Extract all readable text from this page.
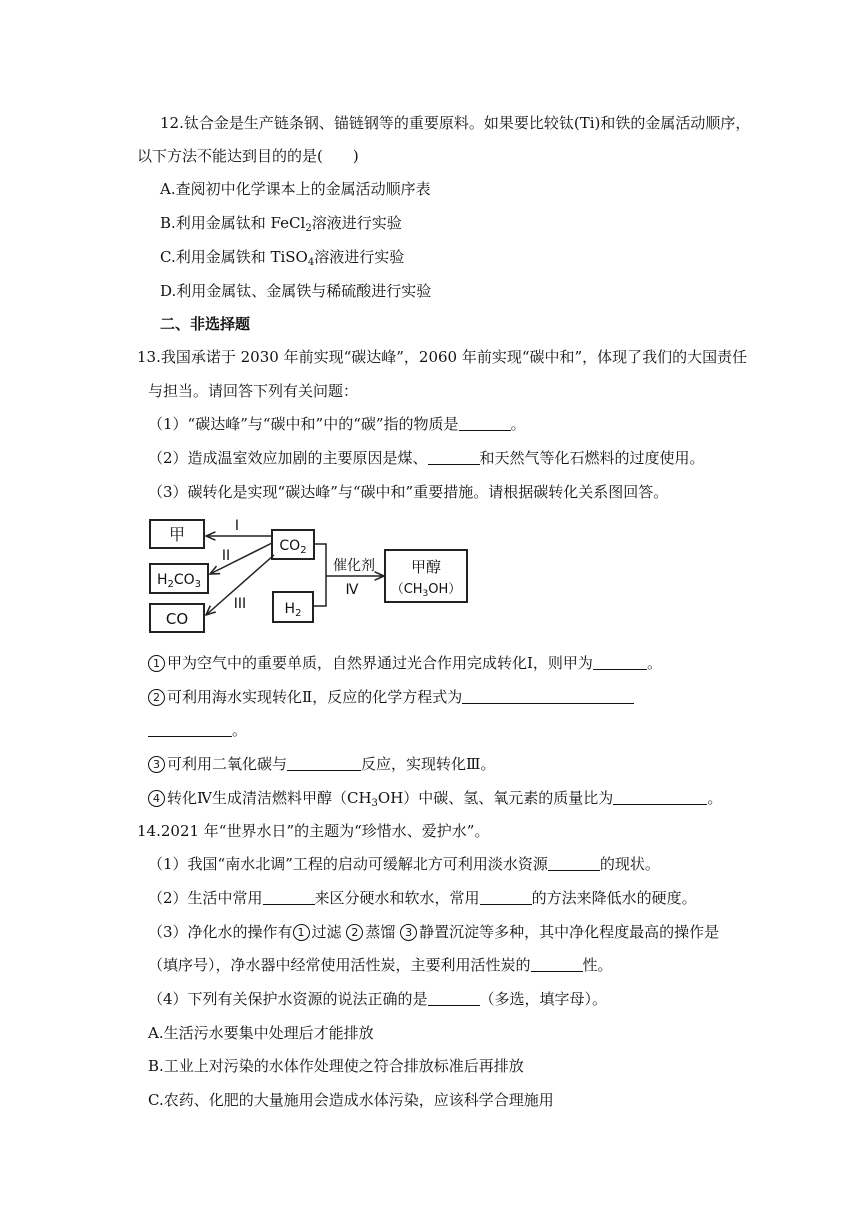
12.钛合金是生产链条钢、锚链钢等的重要原料。如果要比较钛(Ti)和铁的金属活动顺序，
以下方法不能达到目的的是(　　)
A.查阅初中化学课本上的金属活动顺序表
B.利用金属钛和 FeCl$_2$溶液进行实验
C.利用金属铁和 TiSO$_4$溶液进行实验
D.利用金属钛、金属铁与稀硫酸进行实验
二、非选择题
13.我国承诺于 2030 年前实现“碳达峰”，2060 年前实现“碳中和”，体现了我们的大国责任
与担当。请回答下列有关问题：
（1）“碳达峰”与“碳中和”中的“碳”指的物质是	。
（2）造成温室效应加剧的主要原因是煤、	和天然气等化石燃料的过度使用。
（3）碳转化是实现“碳达峰”与“碳中和”重要措施。请根据碳转化关系图回答。
甲
$H_2CO_3$
CO
$CO_2$
$H_2$
甲醇
$(CH_3OH)$
I
II
III
催化剂
Ⅳ
1 甲为空气中的重要单质，自然界通过光合作用完成转化Ⅰ，则甲为	。
2 可利用海水实现转化Ⅱ，反应的化学方程式为
。
3 可利用二氧化碳与	反应，实现转化Ⅲ。
4 转化Ⅳ生成清洁燃料甲醇$(CH_3OH)$中碳、氢、氧元素的质量比为	。
14.2021 年“世界水日”的主题为“珍惜水、爱护水”。
（1）我国“南水北调”工程的启动可缓解北方可利用淡水资源	的现状。
（2）生活中常用	来区分硬水和软水，常用	的方法来降低水的硬度。
（3）净化水的操作有 1 过滤 2 蒸馏 3 静置沉淀等多种，其中净化程度最高的操作是
（填序号），净水器中经常使用活性炭，主要利用活性炭的	性。
（4）下列有关保护水资源的说法正确的是	（多选，填字母）。
A.生活污水要集中处理后才能排放
B.工业上对污染的水体作处理使之符合排放标准后再排放
C.农药、化肥的大量施用会造成水体污染，应该科学合理施用
